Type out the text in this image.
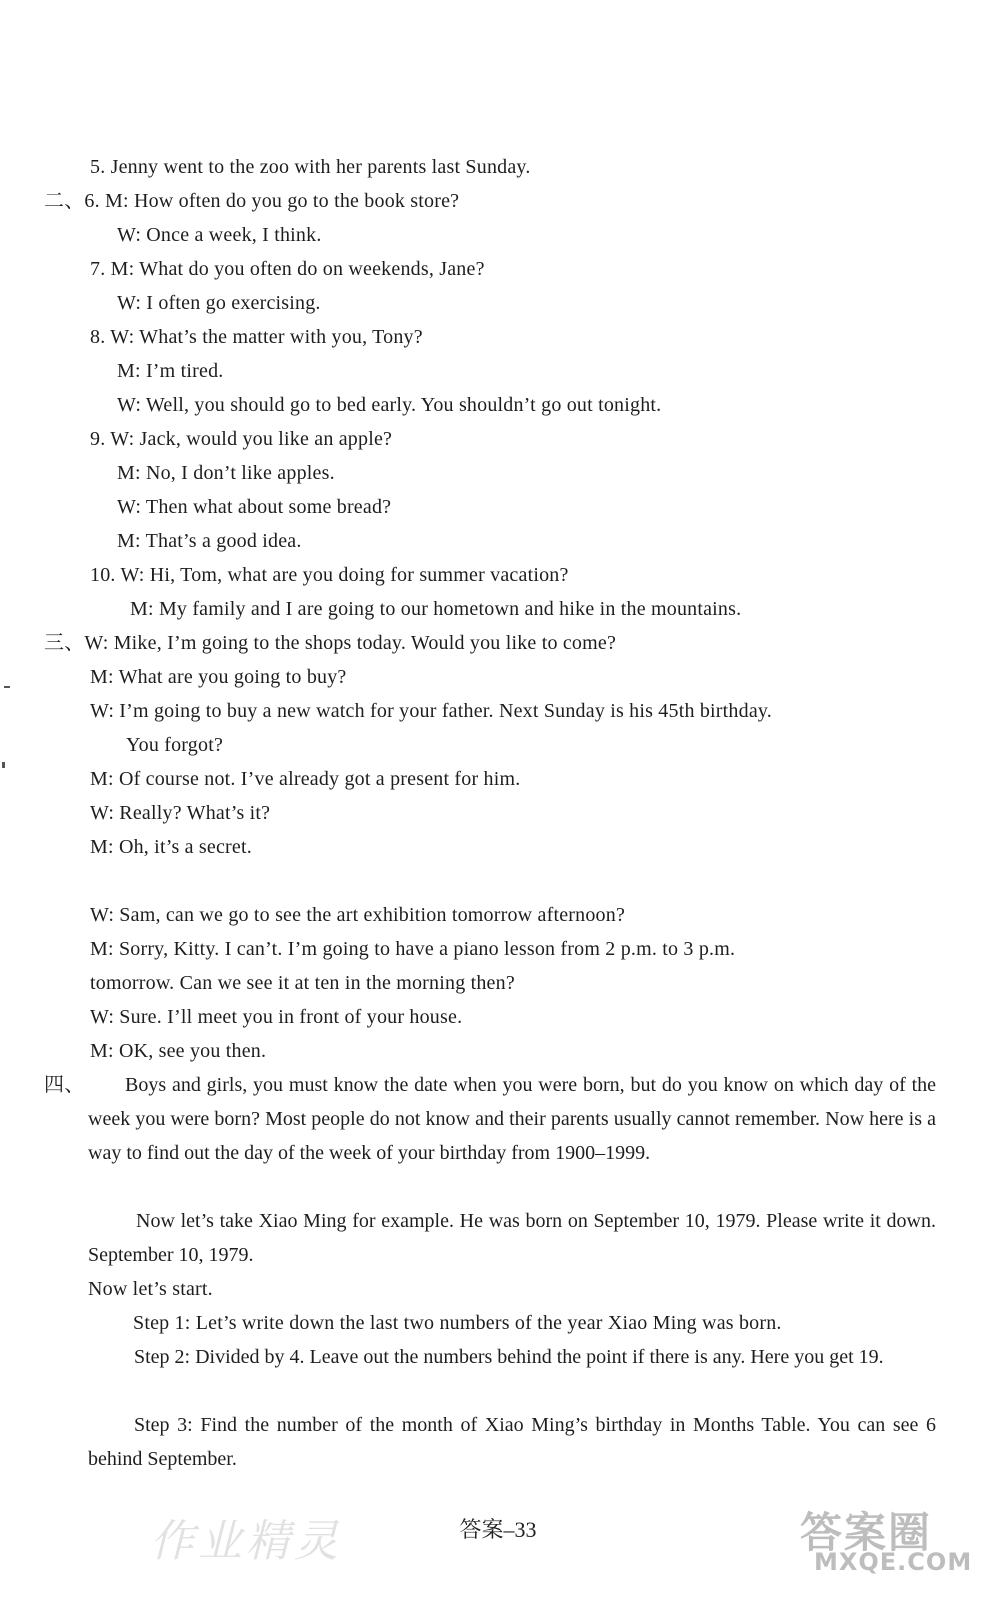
5. Jenny went to the zoo with her parents last Sunday.
二、6. M: How often do you go to the book store?
W: Once a week, I think.
7. M: What do you often do on weekends, Jane?
W: I often go exercising.
8. W: What’s the matter with you, Tony?
M: I’m tired.
W: Well, you should go to bed early. You shouldn’t go out tonight.
9. W: Jack, would you like an apple?
M: No, I don’t like apples.
W: Then what about some bread?
M: That’s a good idea.
10. W: Hi, Tom, what are you doing for summer vacation?
M: My family and I are going to our hometown and hike in the mountains.
三、W: Mike, I’m going to the shops today. Would you like to come?
M: What are you going to buy?
W: I’m going to buy a new watch for your father. Next Sunday is his 45th birthday.
You forgot?
M: Of course not. I’ve already got a present for him.
W: Really? What’s it?
M: Oh, it’s a secret.
W: Sam, can we go to see the art exhibition tomorrow afternoon?
M: Sorry, Kitty. I can’t. I’m going to have a piano lesson from 2 p.m. to 3 p.m.
tomorrow. Can we see it at ten in the morning then?
W: Sure. I’ll meet you in front of your house.
M: OK, see you then.
四、	Boys and girls, you must know the date when you were born, but do you know on which day of the week you were born? Most people do not know and their parents usually cannot remember. Now here is a way to find out the day of the week of your birthday from 1900–1999.
Now let’s take Xiao Ming for example. He was born on September 10, 1979. Please write it down. September 10, 1979.
Now let’s start.
Step 1: Let’s write down the last two numbers of the year Xiao Ming was born.
Step 2: Divided by 4. Leave out the numbers behind the point if there is any. Here you get 19.
Step 3: Find the number of the month of Xiao Ming’s birthday in Months Table. You can see 6 behind September.
答案–33
作业精灵	答案圈
MXQE.COM
